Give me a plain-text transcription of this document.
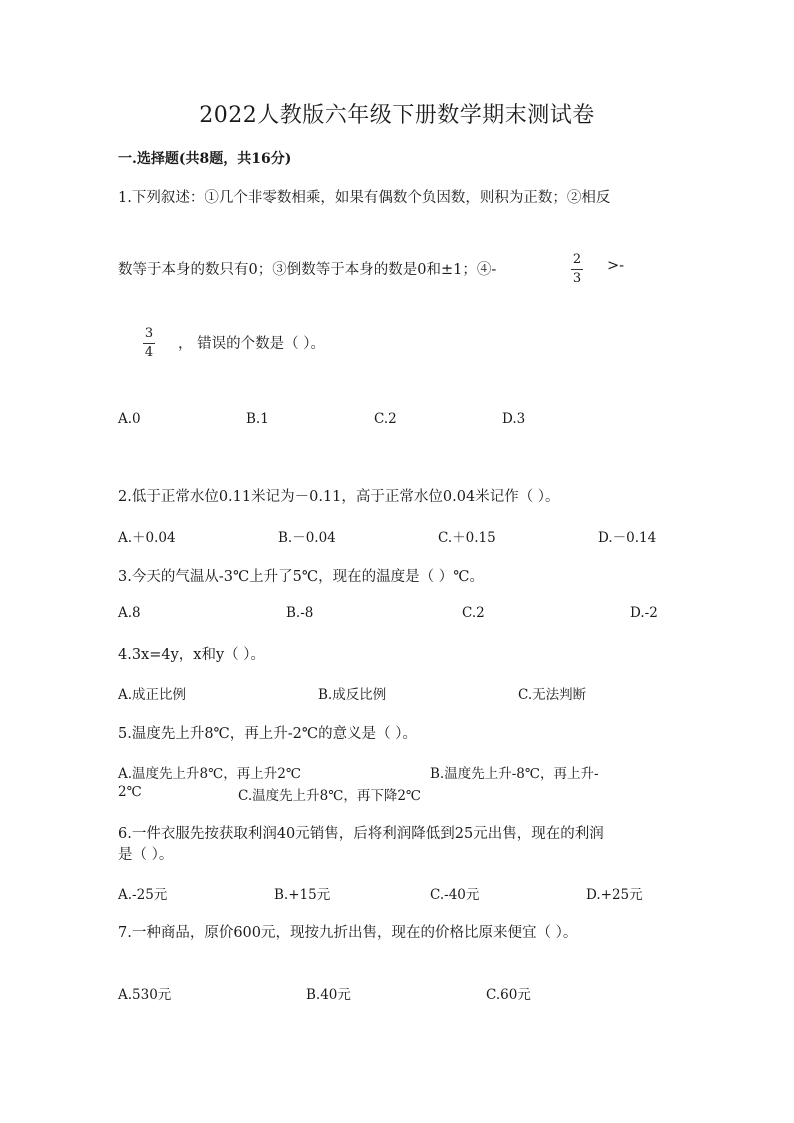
2022人教版六年级下册数学期末测试卷
一.选择题(共8题，共16分)
1.下列叙述：①几个非零数相乘，如果有偶数个负因数，则积为正数；②相反
数等于本身的数只有0；③倒数等于本身的数是0和±1；④-
2
3
>-
3
4
， 错误的个数是（ ）。
A.0	B.1	C.2	D.3
2.低于正常水位0.11米记为－0.11，高于正常水位0.04米记作（ ）。
A.＋0.04	B.－0.04	C.＋0.15	D.－0.14
3.今天的气温从-3℃上升了5℃，现在的温度是（ ）℃。
A.8	B.-8	C.2	D.-2
4.3x=4y，x和y（ ）。
A.成正比例	B.成反比例	C.无法判断
5.温度先上升8℃，再上升-2℃的意义是（ ）。
A.温度先上升8℃，再上升2℃	B.温度先上升-8℃，再上升-
2℃	C.温度先上升8℃，再下降2℃
6.一件衣服先按获取利润40元销售，后将利润降低到25元出售，现在的利润
是（ ）。
A.-25元	B.+15元	C.-40元	D.+25元
7.一种商品，原价600元，现按九折出售，现在的价格比原来便宜（ ）。
A.530元	B.40元	C.60元
